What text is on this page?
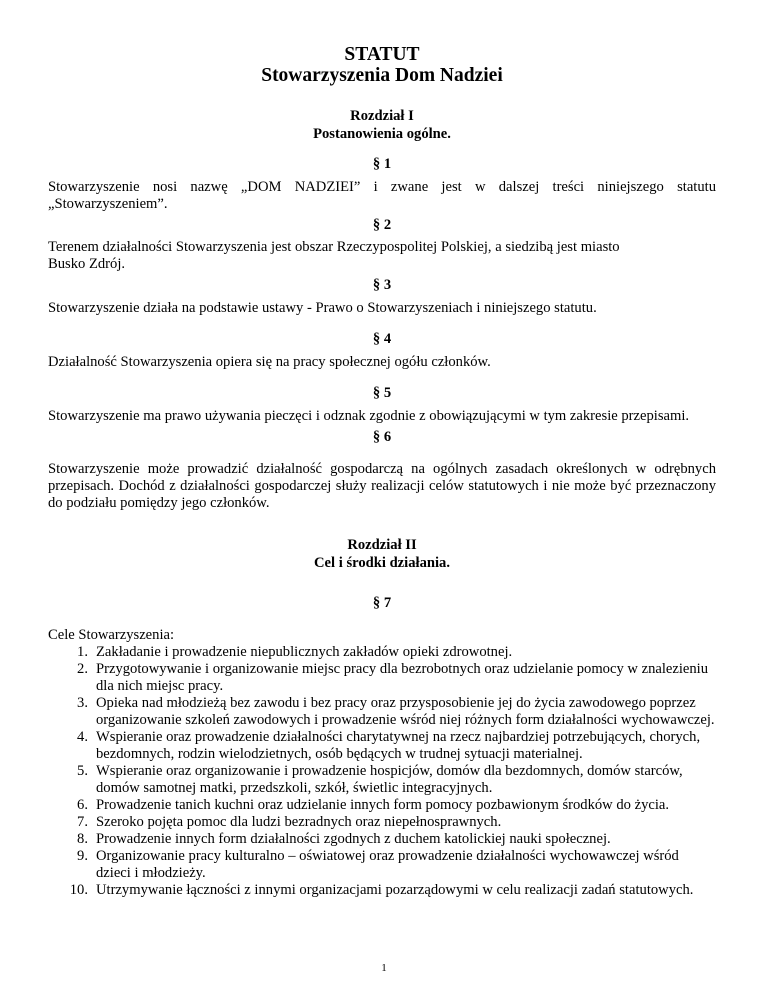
STATUT

Stowarzyszenia Dom Nadziei

Rozdział I

Postanowienia ogólne.

§ 1

Stowarzyszenie nosi nazwę „DOM NADZIEI” i zwane jest w dalszej treści niniejszego statutu „Stowarzyszeniem”.

§ 2

Terenem działalności Stowarzyszenia jest obszar Rzeczypospolitej Polskiej, a siedzibą jest miasto

Busko Zdrój.

§ 3

Stowarzyszenie działa na podstawie ustawy - Prawo o Stowarzyszeniach i niniejszego statutu.

§ 4

Działalność Stowarzyszenia opiera się na pracy społecznej ogółu członków.

§ 5

Stowarzyszenie ma prawo używania pieczęci i odznak zgodnie z obowiązującymi w tym zakresie przepisami.

§ 6

Stowarzyszenie może prowadzić działalność gospodarczą na ogólnych zasadach określonych w odrębnych przepisach. Dochód z działalności gospodarczej służy realizacji celów statutowych i nie może być przeznaczony do podziału pomiędzy jego członków.

Rozdział II

Cel i środki działania.

§ 7

Cele Stowarzyszenia:

1. Zakładanie i prowadzenie niepublicznych zakładów opieki zdrowotnej.
2. Przygotowywanie i organizowanie miejsc pracy dla bezrobotnych oraz udzielanie pomocy w znalezieniu dla nich miejsc pracy.
3. Opieka nad młodzieżą bez zawodu i bez pracy oraz przysposobienie jej do życia zawodowego poprzez organizowanie szkoleń zawodowych i prowadzenie wśród niej różnych form działalności wychowawczej.
4. Wspieranie oraz prowadzenie działalności charytatywnej na rzecz najbardziej potrzebujących, chorych, bezdomnych, rodzin wielodzietnych, osób będących w trudnej sytuacji materialnej.
5. Wspieranie oraz organizowanie i prowadzenie hospicjów, domów dla bezdomnych, domów starców, domów samotnej matki, przedszkoli, szkół, świetlic integracyjnych.
6. Prowadzenie tanich kuchni oraz udzielanie innych form pomocy pozbawionym środków do życia.
7. Szeroko pojęta pomoc dla ludzi bezradnych oraz niepełnosprawnych.
8. Prowadzenie innych form działalności zgodnych z duchem katolickiej nauki społecznej.
9. Organizowanie pracy kulturalno – oświatowej oraz prowadzenie działalności wychowawczej wśród dzieci i młodzieży.
10. Utrzymywanie łączności z innymi organizacjami pozarządowymi w celu realizacji zadań statutowych.
1
